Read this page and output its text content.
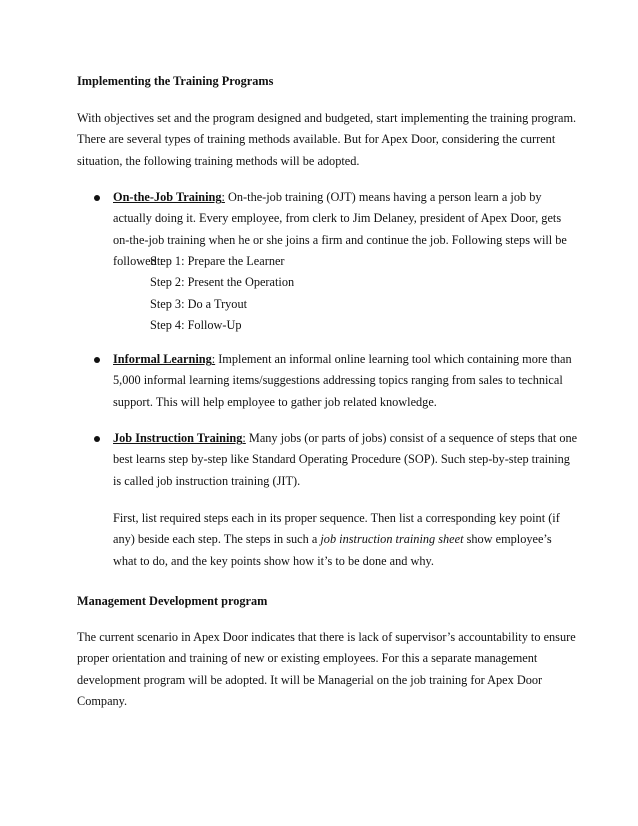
Implementing the Training Programs

With objectives set and the program designed and budgeted, start implementing the training program. There are several types of training methods available. But for Apex Door, considering the current situation, the following training methods will be adopted.

On-the-Job Training: On-the-job training (OJT) means having a person learn a job by actually doing it. Every employee, from clerk to Jim Delaney, president of Apex Door, gets on-the-job training when he or she joins a firm and continue the job. Following steps will be followed :

Step 1: Prepare the Learner
Step 2: Present the Operation
Step 3: Do a Tryout
Step 4: Follow-Up

Informal Learning: Implement an informal online learning tool which containing more than 5,000 informal learning items/suggestions addressing topics ranging from sales to technical support. This will help employee to gather job related knowledge.

Job Instruction Training: Many jobs (or parts of jobs) consist of a sequence of steps that one best learns step by-step like Standard Operating Procedure (SOP). Such step-by-step training is called job instruction training (JIT).

First, list required steps each in its proper sequence. Then list a corresponding key point (if any) beside each step. The steps in such a job instruction training sheet show employee’s what to do, and the key points show how it’s to be done and why.

Management Development program

The current scenario in Apex Door indicates that there is lack of supervisor’s accountability to ensure proper orientation and training of new or existing employees. For this a separate management development program will be adopted. It will be Managerial on the job training for Apex Door Company.
